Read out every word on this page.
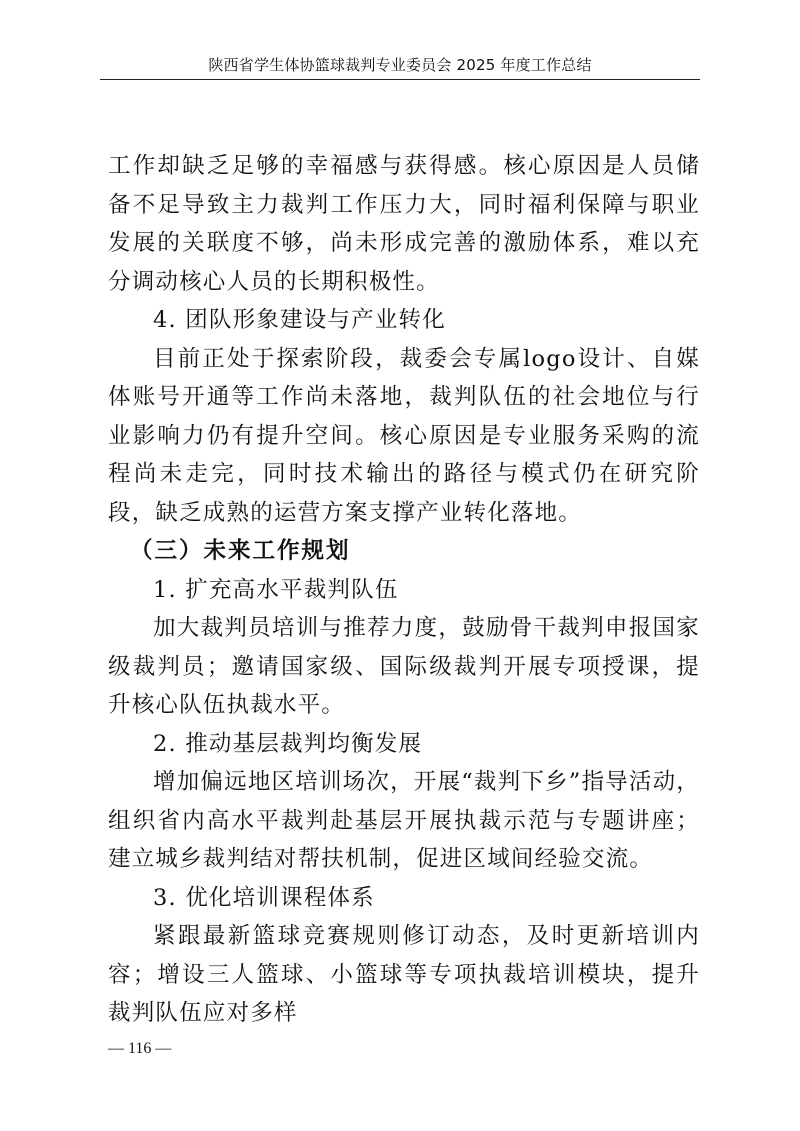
陕西省学生体协篮球裁判专业委员会 2025 年度工作总结

工作却缺乏足够的幸福感与获得感。核心原因是人员储备不足导致主力裁判工作压力大，同时福利保障与职业发展的关联度不够，尚未形成完善的激励体系，难以充分调动核心人员的长期积极性。

4. 团队形象建设与产业转化

目前正处于探索阶段，裁委会专属logo设计、自媒体账号开通等工作尚未落地，裁判队伍的社会地位与行业影响力仍有提升空间。核心原因是专业服务采购的流程尚未走完，同时技术输出的路径与模式仍在研究阶段，缺乏成熟的运营方案支撑产业转化落地。

（三）未来工作规划

1. 扩充高水平裁判队伍

加大裁判员培训与推荐力度，鼓励骨干裁判申报国家级裁判员；邀请国家级、国际级裁判开展专项授课，提升核心队伍执裁水平。

2. 推动基层裁判均衡发展

增加偏远地区培训场次，开展“裁判下乡”指导活动，组织省内高水平裁判赴基层开展执裁示范与专题讲座；建立城乡裁判结对帮扶机制，促进区域间经验交流。

3. 优化培训课程体系

紧跟最新篮球竞赛规则修订动态，及时更新培训内容；增设三人篮球、小篮球等专项执裁培训模块，提升裁判队伍应对多样

— 116 —
